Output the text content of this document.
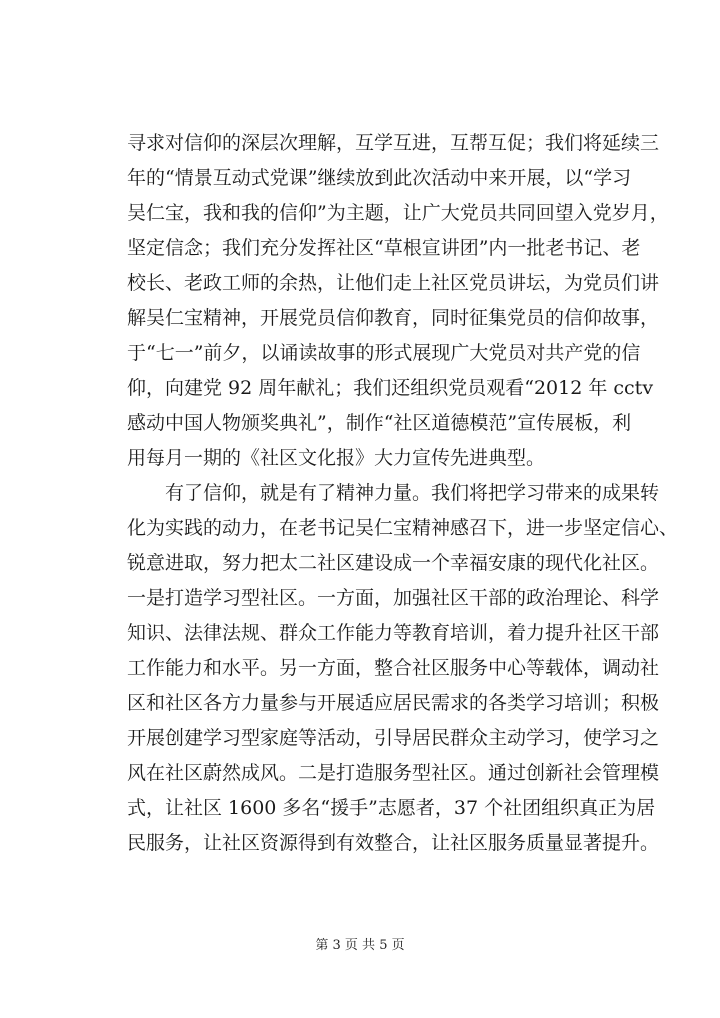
寻求对信仰的深层次理解，互学互进，互帮互促；我们将延续三
年的“情景互动式党课”继续放到此次活动中来开展，以“学习
吴仁宝，我和我的信仰”为主题，让广大党员共同回望入党岁月，
坚定信念；我们充分发挥社区“草根宣讲团”内一批老书记、老
校长、老政工师的余热，让他们走上社区党员讲坛，为党员们讲
解吴仁宝精神，开展党员信仰教育，同时征集党员的信仰故事，
于“七一”前夕，以诵读故事的形式展现广大党员对共产党的信
仰，向建党 92 周年献礼；我们还组织党员观看“2012 年 cctv
感动中国人物颁奖典礼”，制作“社区道德模范”宣传展板，利
用每月一期的《社区文化报》大力宣传先进典型。
有了信仰，就是有了精神力量。我们将把学习带来的成果转
化为实践的动力，在老书记吴仁宝精神感召下，进一步坚定信心、
锐意进取，努力把太二社区建设成一个幸福安康的现代化社区。
一是打造学习型社区。一方面，加强社区干部的政治理论、科学
知识、法律法规、群众工作能力等教育培训，着力提升社区干部
工作能力和水平。另一方面，整合社区服务中心等载体，调动社
区和社区各方力量参与开展适应居民需求的各类学习培训；积极
开展创建学习型家庭等活动，引导居民群众主动学习，使学习之
风在社区蔚然成风。二是打造服务型社区。通过创新社会管理模
式，让社区 1600 多名“援手”志愿者，37 个社团组织真正为居
民服务，让社区资源得到有效整合，让社区服务质量显著提升。
第 3 页 共 5 页
